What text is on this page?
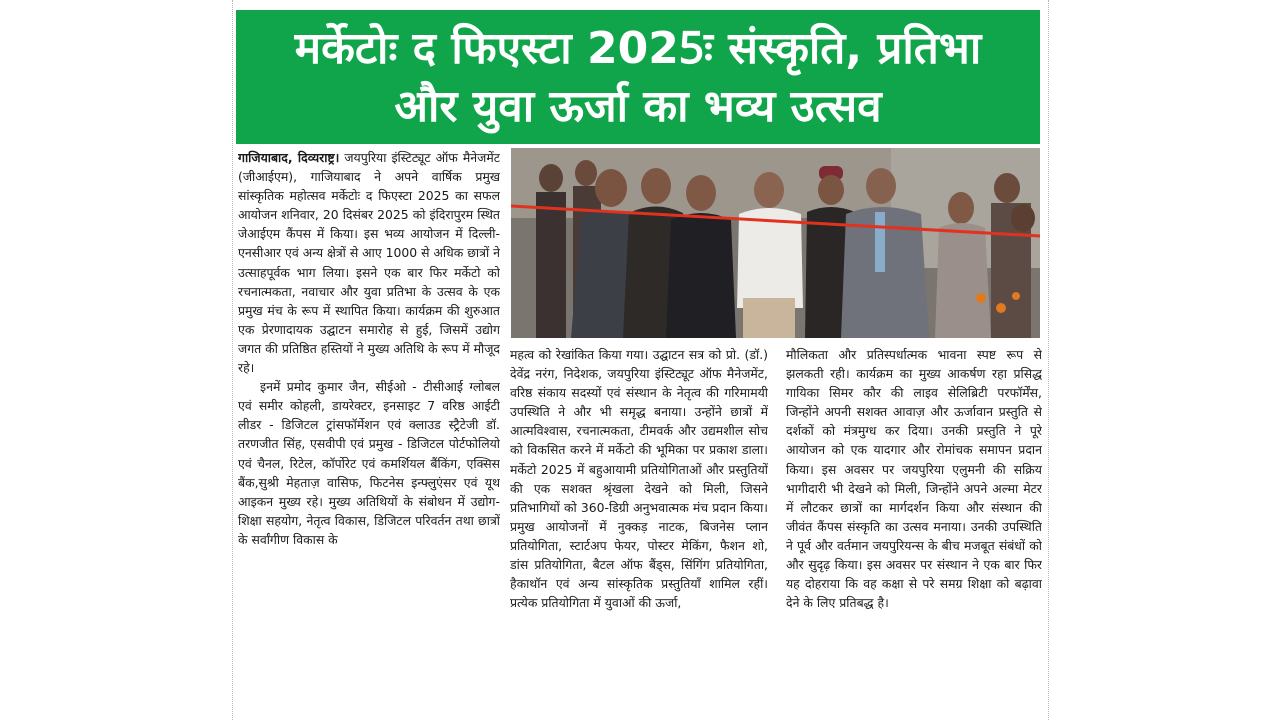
मर्केटोः द फिएस्टा 2025ः संस्कृति, प्रतिभा
और युवा ऊर्जा का भव्य उत्सव

गाजियाबाद, दिव्यराष्ट्र। जयपुरिया इंस्टिट्यूट ऑफ मैनेजमेंट (जीआईएम), गाजियाबाद ने अपने वार्षिक प्रमुख सांस्कृतिक महोत्सव मर्केटोः द फिएस्टा 2025 का सफल आयोजन शनिवार, 20 दिसंबर 2025 को इंदिरापुरम स्थित जेआईएम कैंपस में किया। इस भव्य आयोजन में दिल्ली-एनसीआर एवं अन्य क्षेत्रों से आए 1000 से अधिक छात्रों ने उत्साहपूर्वक भाग लिया। इसने एक बार फिर मर्केटो को रचनात्मकता, नवाचार और युवा प्रतिभा के उत्सव के एक प्रमुख मंच के रूप में स्थापित किया। कार्यक्रम की शुरुआत एक प्रेरणादायक उद्घाटन समारोह से हुई, जिसमें उद्योग जगत की प्रतिष्ठित हस्तियों ने मुख्य अतिथि के रूप में मौजूद रहे।

इनमें प्रमोद कुमार जैन, सीईओ - टीसीआई ग्लोबल एवं समीर कोहली, डायरेक्टर, इनसाइट 7 वरिष्ठ आईटी लीडर - डिजिटल ट्रांसफॉर्मेशन एवं क्लाउड स्ट्रैटेजी डॉ. तरणजीत सिंह, एसवीपी एवं प्रमुख - डिजिटल पोर्टफोलियो एवं चैनल, रिटेल, कॉर्पोरेट एवं कमर्शियल बैंकिंग, एक्सिस बैंक,सुश्री मेहताज़ वासिफ, फिटनेस इन्फ्लुएंसर एवं यूथ आइकन मुख्य रहे। मुख्य अतिथियों के संबोधन में उद्योग-शिक्षा सहयोग, नेतृत्व विकास, डिजिटल परिवर्तन तथा छात्रों के सर्वांगीण विकास के

महत्व को रेखांकित किया गया। उद्घाटन सत्र को प्रो. (डॉ.) देवेंद्र नरंग, निदेशक, जयपुरिया इंस्टिट्यूट ऑफ मैनेजमेंट, वरिष्ठ संकाय सदस्यों एवं संस्थान के नेतृत्व की गरिमामयी उपस्थिति ने और भी समृद्ध बनाया। उन्होंने छात्रों में आत्मविश्वास, रचनात्मकता, टीमवर्क और उद्यमशील सोच को विकसित करने में मर्केटो की भूमिका पर प्रकाश डाला। मर्केटो 2025 में बहुआयामी प्रतियोगिताओं और प्रस्तुतियों की एक सशक्त श्रृंखला देखने को मिली, जिसने प्रतिभागियों को 360-डिग्री अनुभवात्मक मंच प्रदान किया। प्रमुख आयोजनों में नुक्कड़ नाटक, बिजनेस प्लान प्रतियोगिता, स्टार्टअप फेयर, पोस्टर मेकिंग, फैशन शो, डांस प्रतियोगिता, बैटल ऑफ बैंड्स, सिंगिंग प्रतियोगिता, हैकाथॉन एवं अन्य सांस्कृतिक प्रस्तुतियाँ शामिल रहीं। प्रत्येक प्रतियोगिता में युवाओं की ऊर्जा,

मौलिकता और प्रतिस्पर्धात्मक भावना स्पष्ट रूप से झलकती रही। कार्यक्रम का मुख्य आकर्षण रहा प्रसिद्ध गायिका सिमर कौर की लाइव सेलिब्रिटी परफॉर्मेंस, जिन्होंने अपनी सशक्त आवाज़ और ऊर्जावान प्रस्तुति से दर्शकों को मंत्रमुग्ध कर दिया। उनकी प्रस्तुति ने पूरे आयोजन को एक यादगार और रोमांचक समापन प्रदान किया। इस अवसर पर जयपुरिया एलुमनी की सक्रिय भागीदारी भी देखने को मिली, जिन्होंने अपने अल्मा मेटर में लौटकर छात्रों का मार्गदर्शन किया और संस्थान की जीवंत कैंपस संस्कृति का उत्सव मनाया। उनकी उपस्थिति ने पूर्व और वर्तमान जयपुरियन्स के बीच मजबूत संबंधों को और सुदृढ़ किया। इस अवसर पर संस्थान ने एक बार फिर यह दोहराया कि वह कक्षा से परे समग्र शिक्षा को बढ़ावा देने के लिए प्रतिबद्ध है।
